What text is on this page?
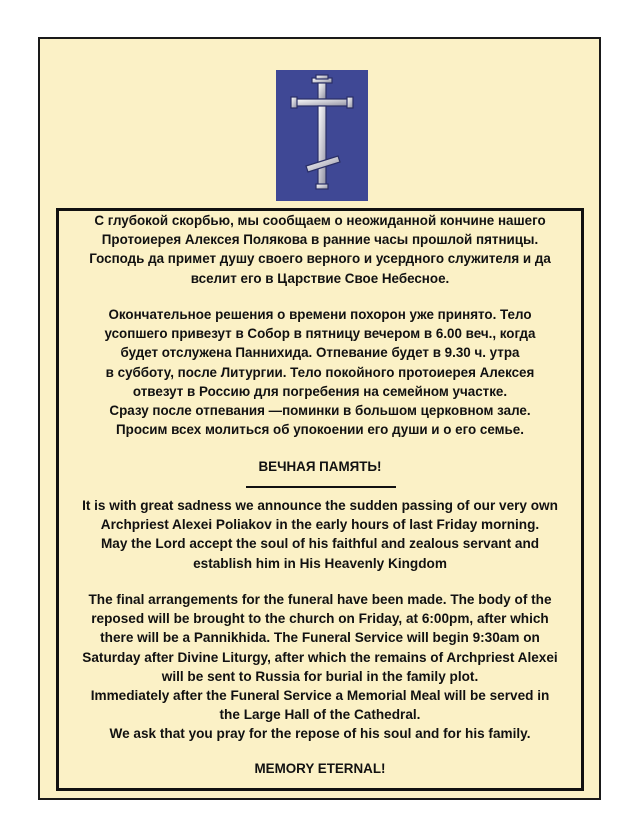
С глубокой скорбью, мы сообщаем о неожиданной кончине нашего
Протоиерея Алексея Полякова в ранние часы прошлой пятницы.
Господь да примет душу своего верного и усердного служителя и да
вселит его в Царствие Свое Небесное.

Окончательное решения о времени похорон уже принято. Тело
усопшего привезут в Собор в пятницу вечером в 6.00 веч., когда
будет отслужена Паннихида. Отпевание будет в 9.30 ч. утра
в субботу, после Литургии. Тело покойного протоиерея Алексея
отвезут в Россию для погребения на семейном участке.
Сразу после отпевания —поминки в большом церковном зале.
Просим всех молиться об упокоении его души и о его семье.

ВЕЧНАЯ ПАМЯТЬ!

It is with great sadness we announce the sudden passing of our very own
Archpriest Alexei Poliakov in the early hours of last Friday morning.
May the Lord accept the soul of his faithful and zealous servant and
establish him in His Heavenly Kingdom

The final arrangements for the funeral have been made. The body of the
reposed will be brought to the church on Friday, at 6:00pm, after which
there will be a Pannikhida. The Funeral Service will begin 9:30am on
Saturday after Divine Liturgy, after which the remains of Archpriest Alexei
will be sent to Russia for burial in the family plot.
Immediately after the Funeral Service a Memorial Meal will be served in
the Large Hall of the Cathedral.
We ask that you pray for the repose of his soul and for his family.

MEMORY ETERNAL!
